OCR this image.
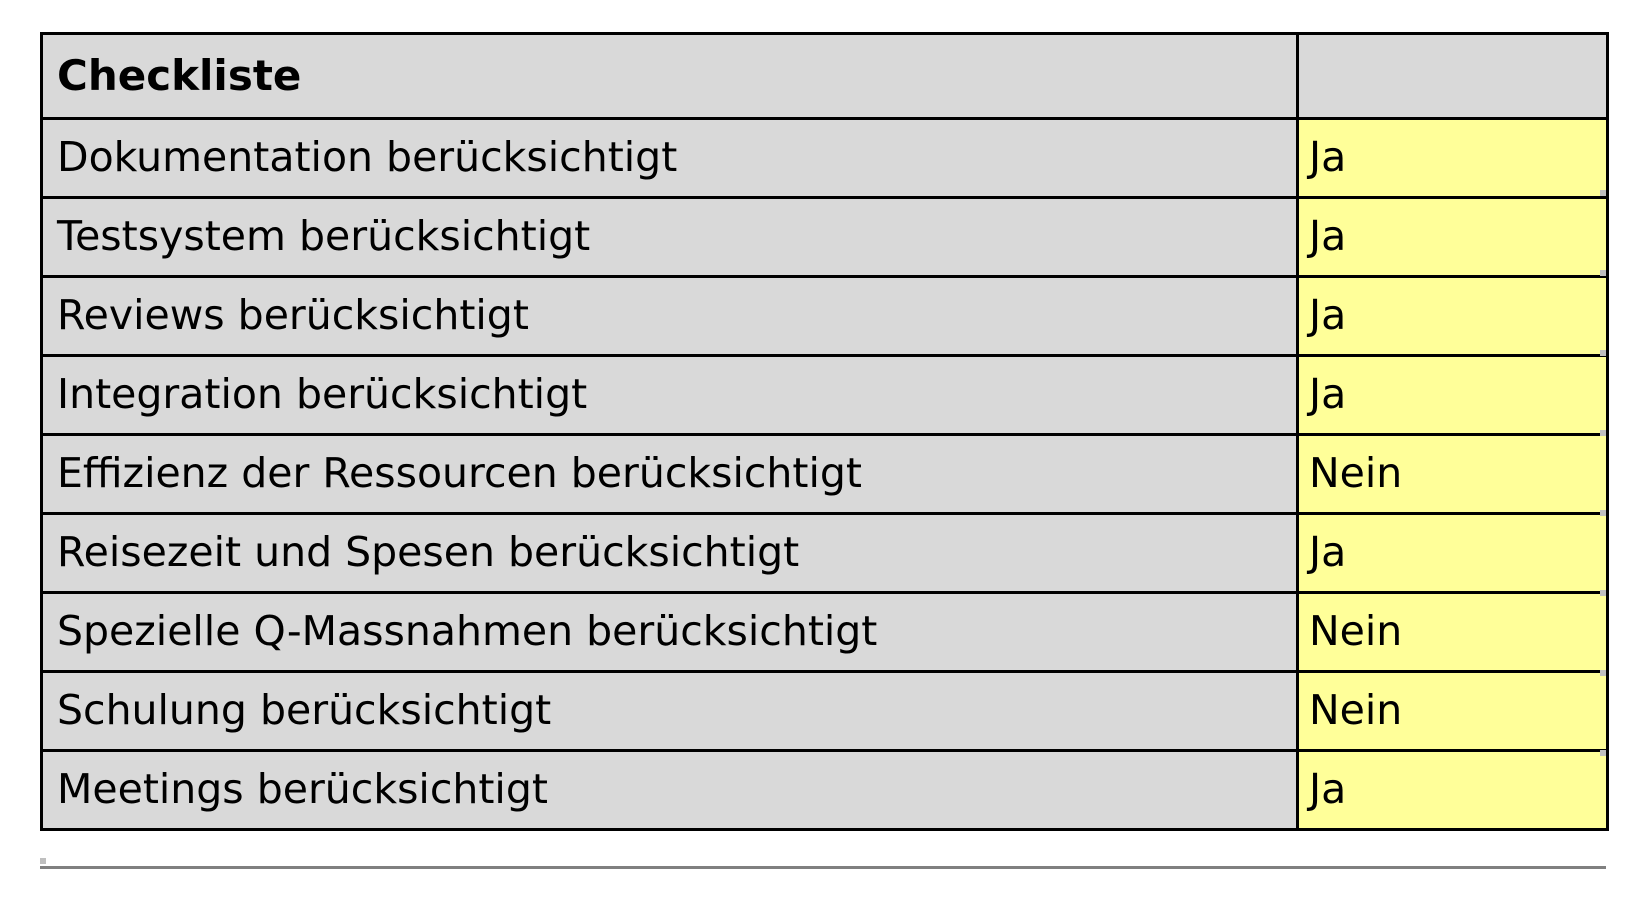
Checkliste	
Dokumentation berücksichtigt	Ja
Testsystem berücksichtigt	Ja
Reviews berücksichtigt	Ja
Integration berücksichtigt	Ja
Effizienz der Ressourcen berücksichtigt	Nein
Reisezeit und Spesen berücksichtigt	Ja
Spezielle Q-Massnahmen berücksichtigt	Nein
Schulung berücksichtigt	Nein
Meetings berücksichtigt	Ja
